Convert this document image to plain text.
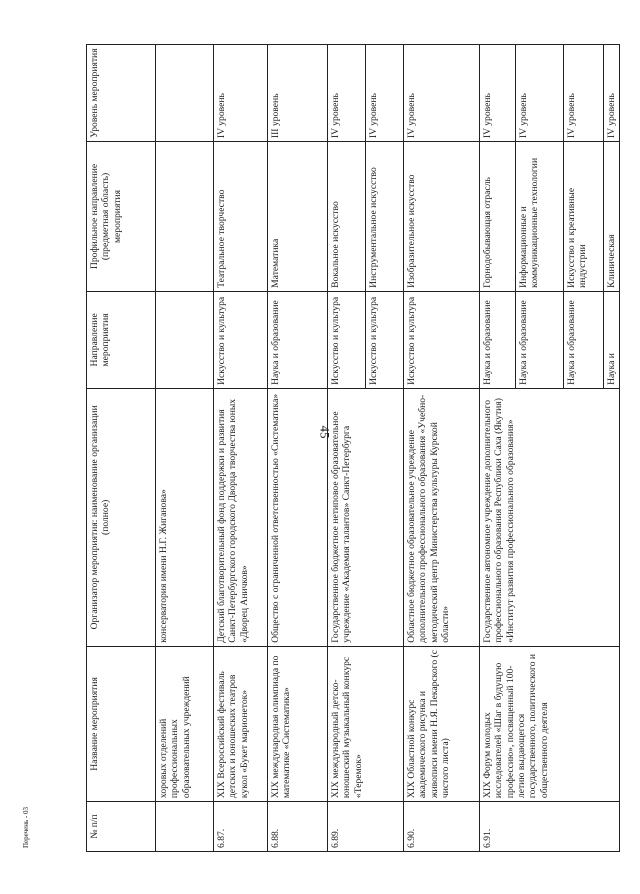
45
Перечень - 03	№ п/п	Название мероприятия	Организатор мероприятия: наименование организации (полное)	Направление мероприятия	Профильное направление (предметная область) мероприятия	Уровень мероприятия
	хоровых отделений профессиональных образовательных учреждений	консерватория имени Н.Г. Жиганова»			
6.87.	XIX Всероссийский фестиваль детских и юношеских театров кукол «Букет марионеток»	Детский благотворительный фонд поддержки и развития Санкт-Петербургского городского Дворца творчества юных «Дворец Аничков»	Искусство и культура	Театральное творчество	IV уровень
6.88.	XIX международная олимпиада по математике «Систематика»	Общество с ограниченной ответственностью «Систематика»	Наука и образование	Математика	III уровень
6.89.	XIX международный детско-юношеский музыкальный конкурс «Теремок»	Государственное бюджетное нетиповое образовательное учреждение «Академия талантов» Санкт-Петербурга	Искусство и культура	Вокальное искусство	IV уровень
			Искусство и культура	Инструментальное искусство	IV уровень
6.90.	XIX Областной конкурс академического рисунка и живописи имени Н.Я. Пекарского (с чистого листа)	Областное бюджетное образовательное учреждение дополнительного профессионального образования «Учебно-методический центр Министерства культуры Курской области»	Искусство и культура	Изобразительное искусство	IV уровень
6.91.	XIX Форум молодых исследователей «Шаг в будущую профессию», посвященный 100-летию выдающегося государственного, политического и общественного деятеля	Государственное автономное учреждение дополнительного профессионального образования Республики Саха (Якутия) «Институт развития профессионального образования»	Наука и образование	Горнодобывающая отрасль	IV уровень
			Наука и образование	Информационные и коммуникационные технологии	IV уровень
			Наука и образование	Искусство и креативные индустрии	IV уровень
			Наука и	Клиническая	IV уровень
